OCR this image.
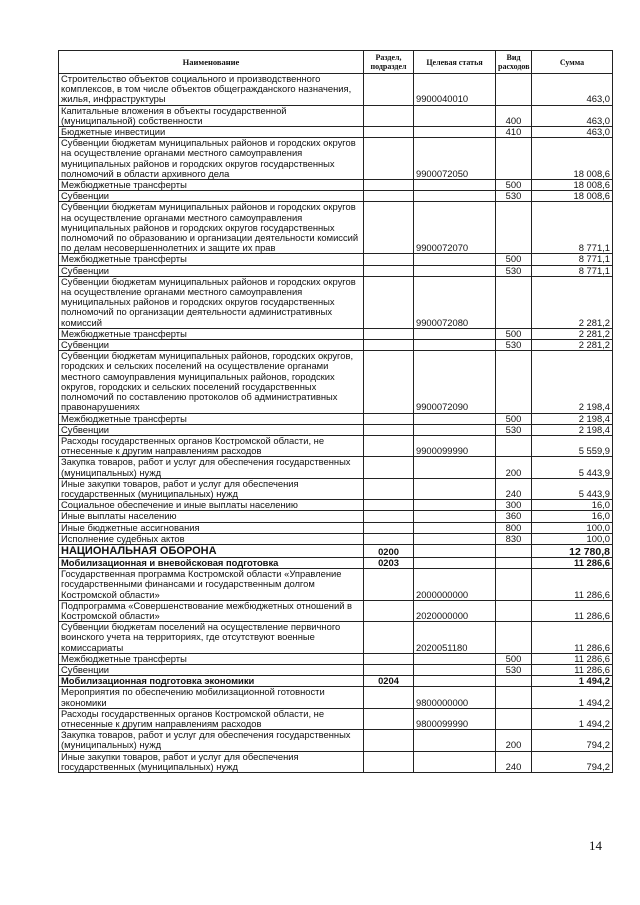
Наименование	Раздел, подраздел	Целевая статья	Вид расходов	Сумма
Строительство объектов социального и производственного комплексов, в том числе объектов общегражданского назначения, жилья, инфраструктуры		9900040010		463,0
Капитальные вложения в объекты государственной (муниципальной) собственности			400	463,0
Бюджетные инвестиции			410	463,0
Субвенции бюджетам муниципальных районов и городских округов на осуществление органами местного самоуправления муниципальных районов и городских округов государственных полномочий в области архивного дела		9900072050		18 008,6
Межбюджетные трансферты			500	18 008,6
Субвенции			530	18 008,6
Субвенции бюджетам муниципальных районов и городских округов на осуществление органами местного самоуправления муниципальных районов и городских округов государственных полномочий по образованию и организации деятельности комиссий по делам несовершеннолетних и защите их прав		9900072070		8 771,1
Межбюджетные трансферты			500	8 771,1
Субвенции			530	8 771,1
Субвенции бюджетам муниципальных районов и городских округов на осуществление органами местного самоуправления муниципальных районов и городских округов государственных полномочий по организации деятельности административных комиссий		9900072080		2 281,2
Межбюджетные трансферты			500	2 281,2
Субвенции			530	2 281,2
Субвенции бюджетам муниципальных районов, городских округов, городских и сельских поселений на осуществление органами местного самоуправления муниципальных районов, городских округов, городских и сельских поселений государственных полномочий по составлению протоколов об административных правонарушениях		9900072090		2 198,4
Межбюджетные трансферты			500	2 198,4
Субвенции			530	2 198,4
Расходы государственных органов Костромской области, не отнесенные к другим направлениям расходов		9900099990		5 559,9
Закупка товаров, работ и услуг для обеспечения государственных (муниципальных) нужд			200	5 443,9
Иные закупки товаров, работ и услуг для обеспечения государственных (муниципальных) нужд			240	5 443,9
Социальное обеспечение и иные выплаты населению			300	16,0
Иные выплаты населению			360	16,0
Иные бюджетные ассигнования			800	100,0
Исполнение судебных актов			830	100,0
НАЦИОНАЛЬНАЯ ОБОРОНА	0200			12 780,8
Мобилизационная и вневойсковая подготовка	0203			11 286,6
Государственная программа Костромской области «Управление государственными финансами и государственным долгом Костромской области»		2000000000		11 286,6
Подпрограмма «Совершенствование межбюджетных отношений в Костромской области»		2020000000		11 286,6
Субвенции бюджетам поселений на осуществление первичного воинского учета на территориях, где отсутствуют военные комиссариаты		2020051180		11 286,6
Межбюджетные трансферты			500	11 286,6
Субвенции			530	11 286,6
Мобилизационная подготовка экономики	0204			1 494,2
Мероприятия по обеспечению мобилизационной готовности экономики		9800000000		1 494,2
Расходы государственных органов Костромской области, не отнесенные к другим направлениям расходов		9800099990		1 494,2
Закупка товаров, работ и услуг для обеспечения государственных (муниципальных) нужд			200	794,2
Иные закупки товаров, работ и услуг для обеспечения государственных (муниципальных) нужд			240	794,2
14
